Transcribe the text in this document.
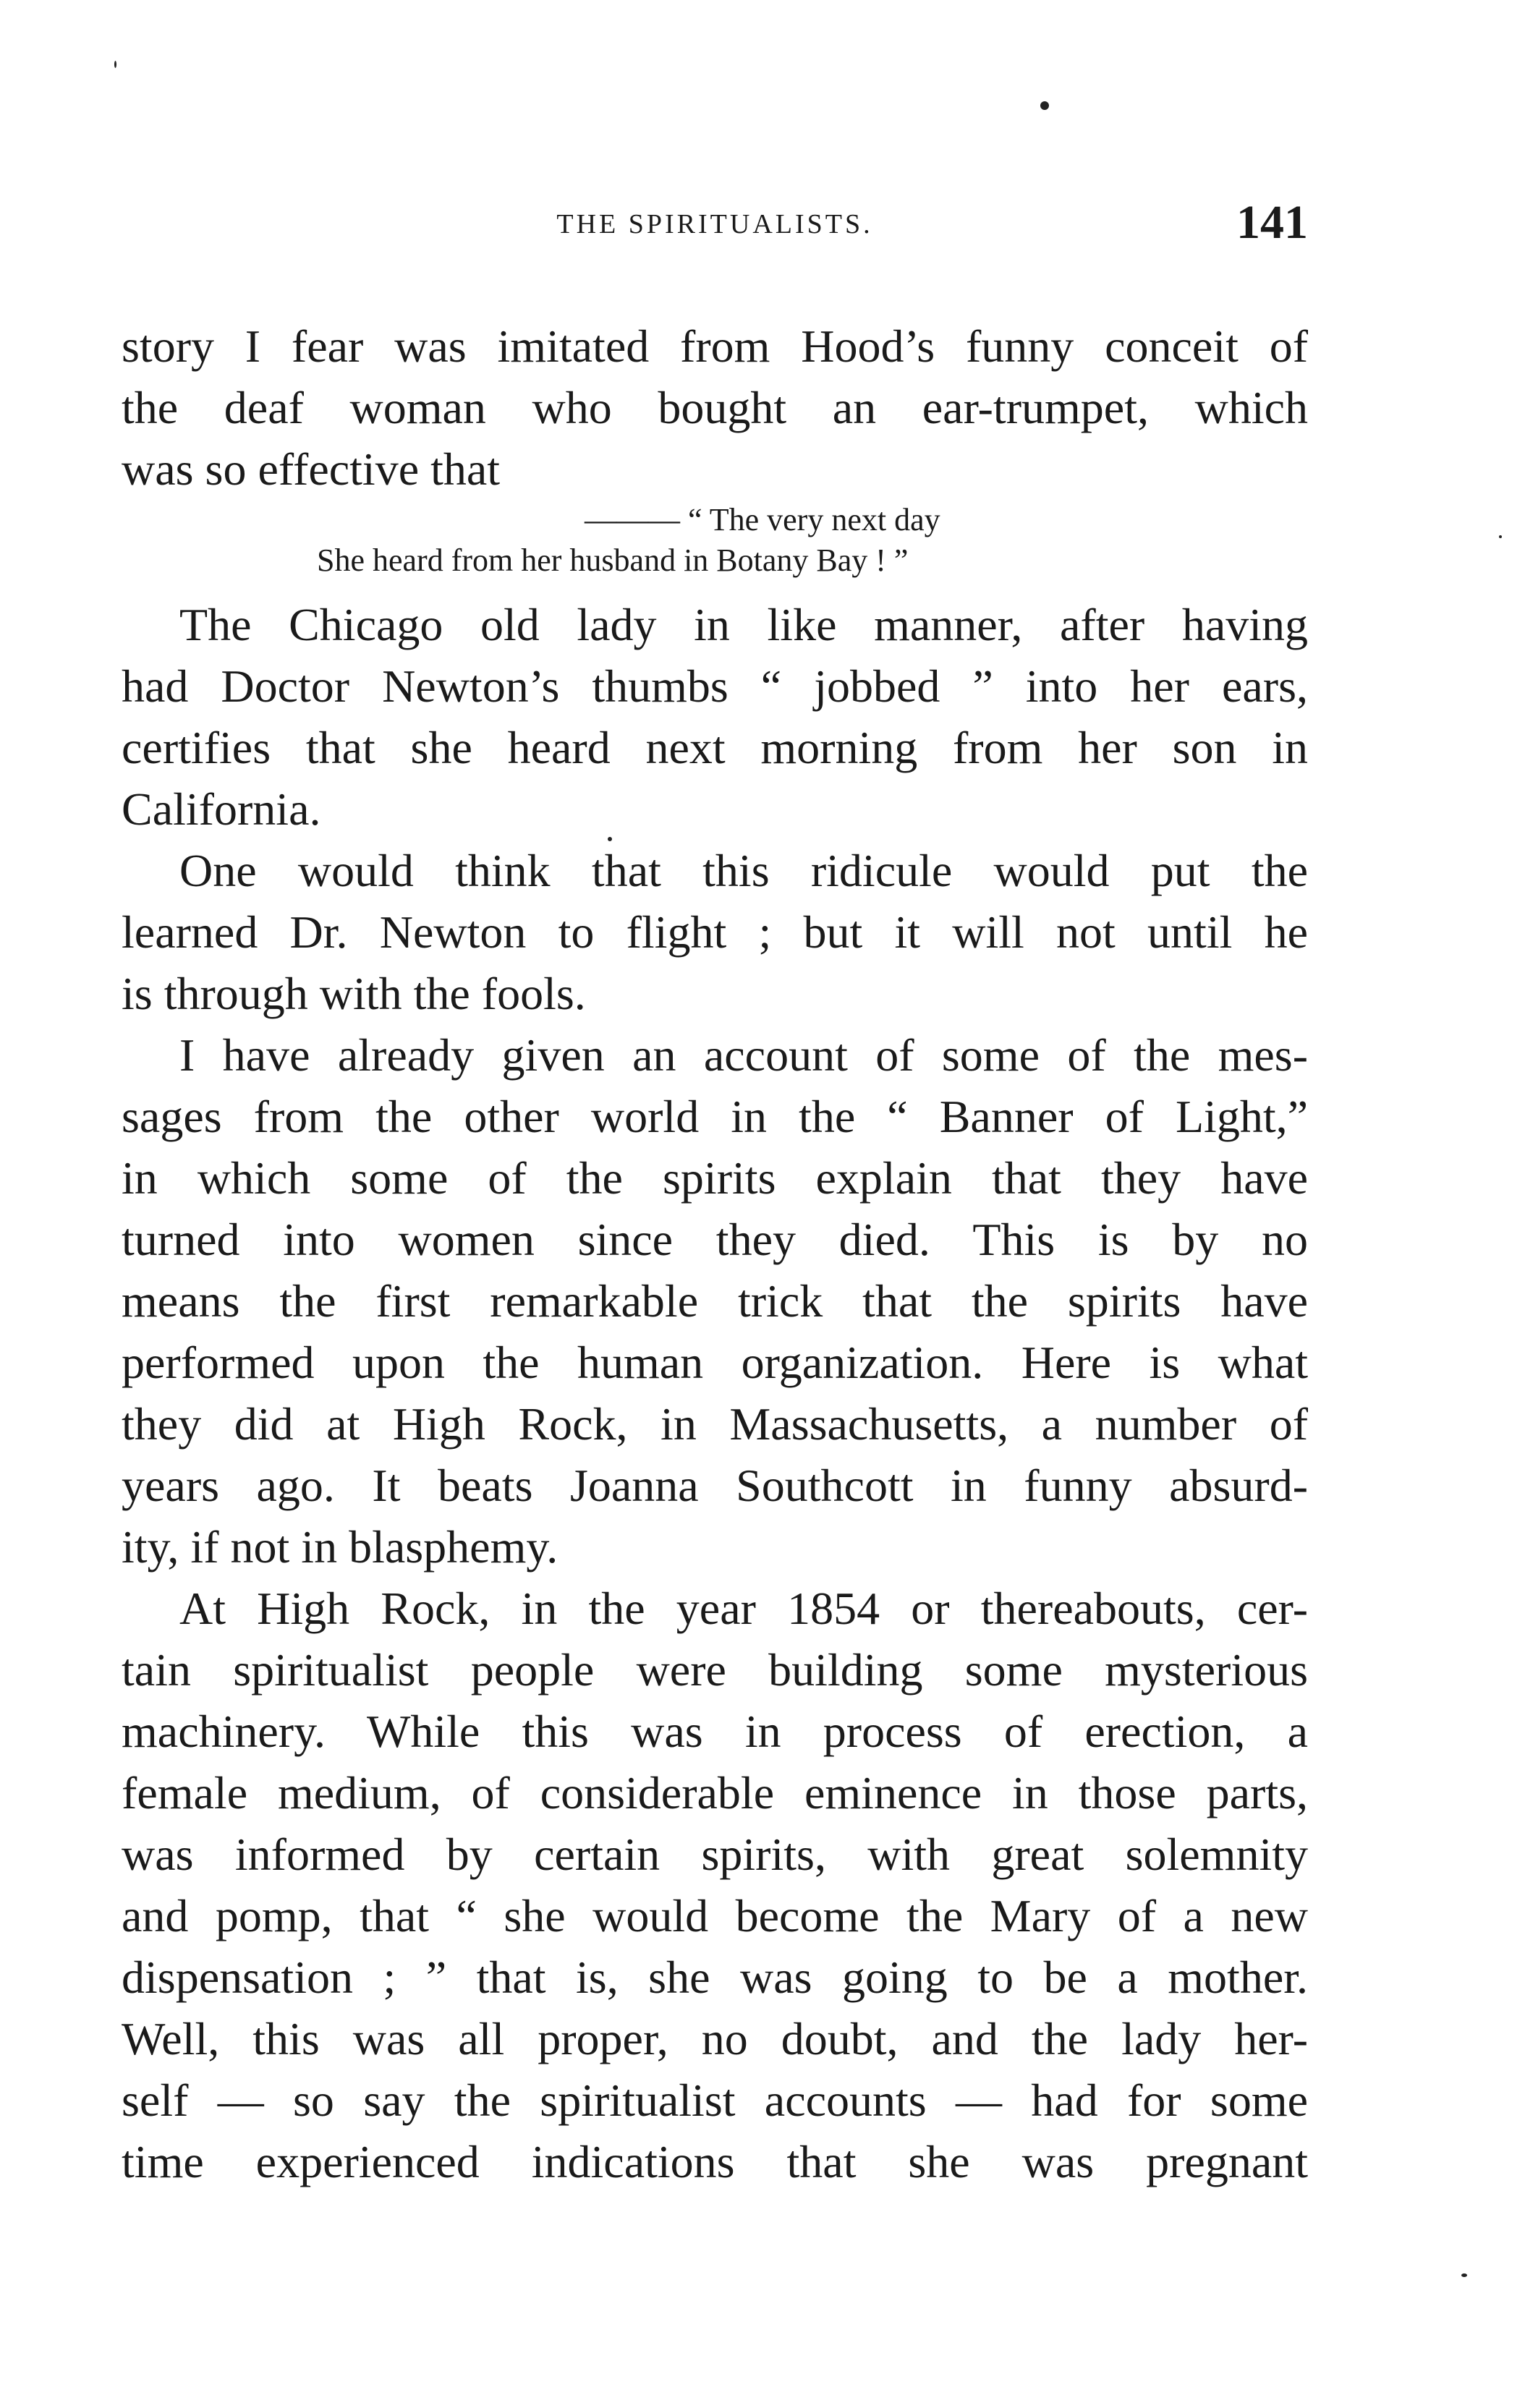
THE SPIRITUALISTS.	141
story I fear was imitated from Hood’s funny conceit of
the deaf woman who bought an ear-trumpet, which
was so effective that
——— “ The very next day
She heard from her husband in Botany Bay ! ”
The Chicago old lady in like manner, after having
had Doctor Newton’s thumbs “ jobbed ” into her ears,
certifies that she heard next morning from her son in
California.
One would think that this ridicule would put the
learned Dr. Newton to flight ; but it will not until he
is through with the fools.
I have already given an account of some of the mes-
sages from the other world in the “ Banner of Light,”
in which some of the spirits explain that they have
turned into women since they died. This is by no
means the first remarkable trick that the spirits have
performed upon the human organization. Here is what
they did at High Rock, in Massachusetts, a number of
years ago. It beats Joanna Southcott in funny absurd-
ity, if not in blasphemy.
At High Rock, in the year 1854 or thereabouts, cer-
tain spiritualist people were building some mysterious
machinery. While this was in process of erection, a
female medium, of considerable eminence in those parts,
was informed by certain spirits, with great solemnity
and pomp, that “ she would become the Mary of a new
dispensation ; ” that is, she was going to be a mother.
Well, this was all proper, no doubt, and the lady her-
self — so say the spiritualist accounts — had for some
time experienced indications that she was pregnant
